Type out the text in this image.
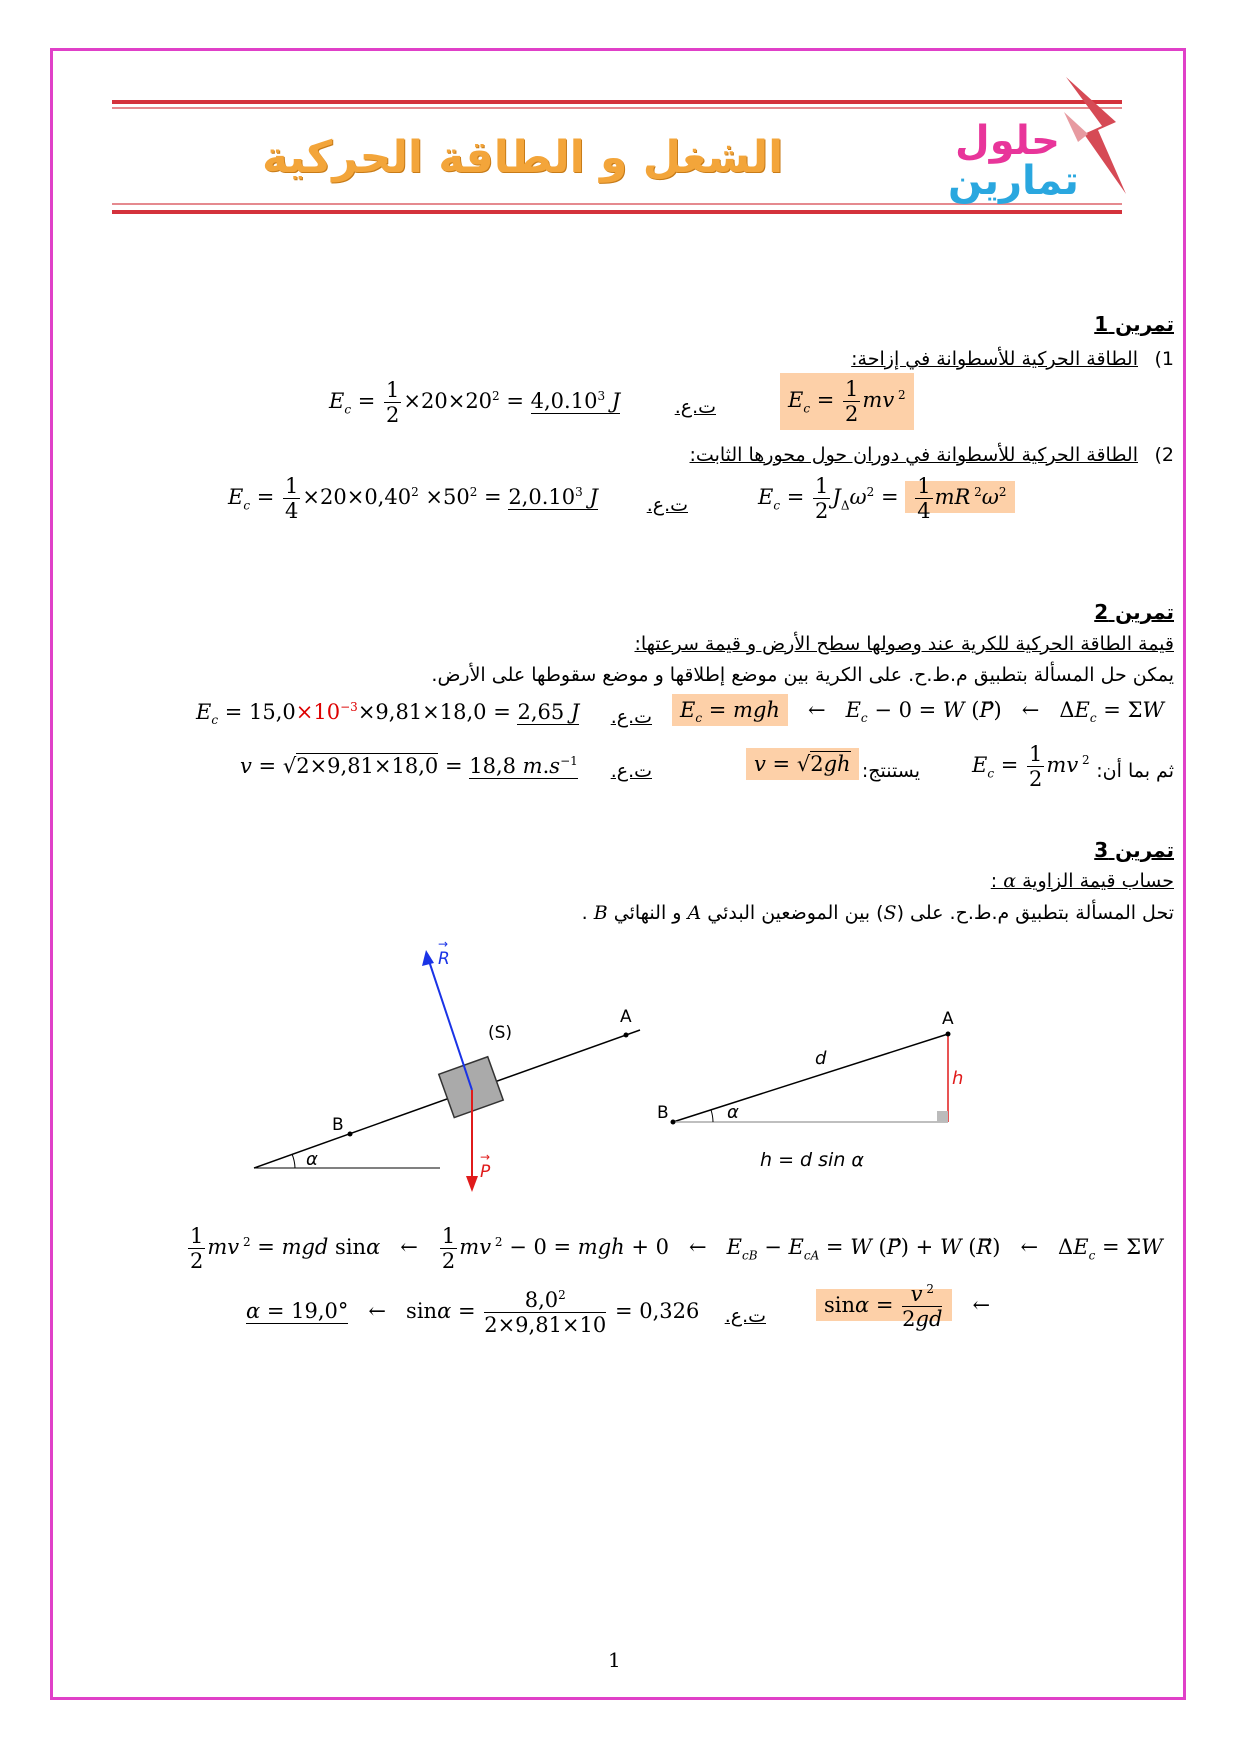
الشغل و الطاقة الحركية	حلول
تمارين
تمرين 1
1)
الطاقة الحركية للأسطوانة في إزاحة:
$E_c = \frac{1}{2} \times 20\times 20^2 = 4,0.10^3$ J	ت.ع.	$E_c = \frac{1}{2}$ mv $^2$
2)
الطاقة الحركية للأسطوانة في دوران حول محورها الثابت:
$E_c = \frac{1}{4} \times 20\times 0,40^2 \times 50^2 = 2,0.10^3$ J	ت.ع.	$E_c = \frac{1}{2} J_\Delta\omega^2 = \frac{1}{4}$ mR $^2\omega^2$
تمرين 2
قيمة الطاقة الحركية للكرية عند وصولها سطح الأرض و قيمة سرعتها:
يمكن حل المسألة بتطبيق م.ط.ح. على الكرية بين موضع إطلاقها و موضع سقوطها على الأرض.
$E_c = 15,0\times 10^{-3}\times 9,81\times 18,0 = 2,65$ J ت.ع.	$E_c$ = mgh   ←   $E_c - 0 = W$ (P⃗)   ←   $\Delta E_c = \Sigma W$
v = √2×9,81×18,0 = 18,8 $m.s^{-1}$ ت.ع.	v = √2gh يستنتج: $E_c = \frac{1}{2}$ mv $^2$ ثم بما أن:
تمرين 3
حساب قيمة الزاوية α :
تحل المسألة بتطبيق م.ط.ح. على (S) بين الموضعين البدئي A و النهائي B .
α
B
A
(S)
R
→
P
→
B
A
α
d
h
h = d sin α
$\frac{1}{2}$ mv $^2$ = mgd sinα   ← $\frac{1}{2}$ mv $^2$ − 0 = mgh + 0   ←   $E_{cB} - E_{cA} = W$ (P⃗) + W (R⃗)   ←   $\Delta E_c = \Sigma W$
α = 19,0°   ←   $\sin\alpha = \frac{8,0^2}{2\times 9,81\times 10} = 0,326$ ت.ع.	$\sin\alpha = \frac{v ^2}{2gd}$ ←
1
